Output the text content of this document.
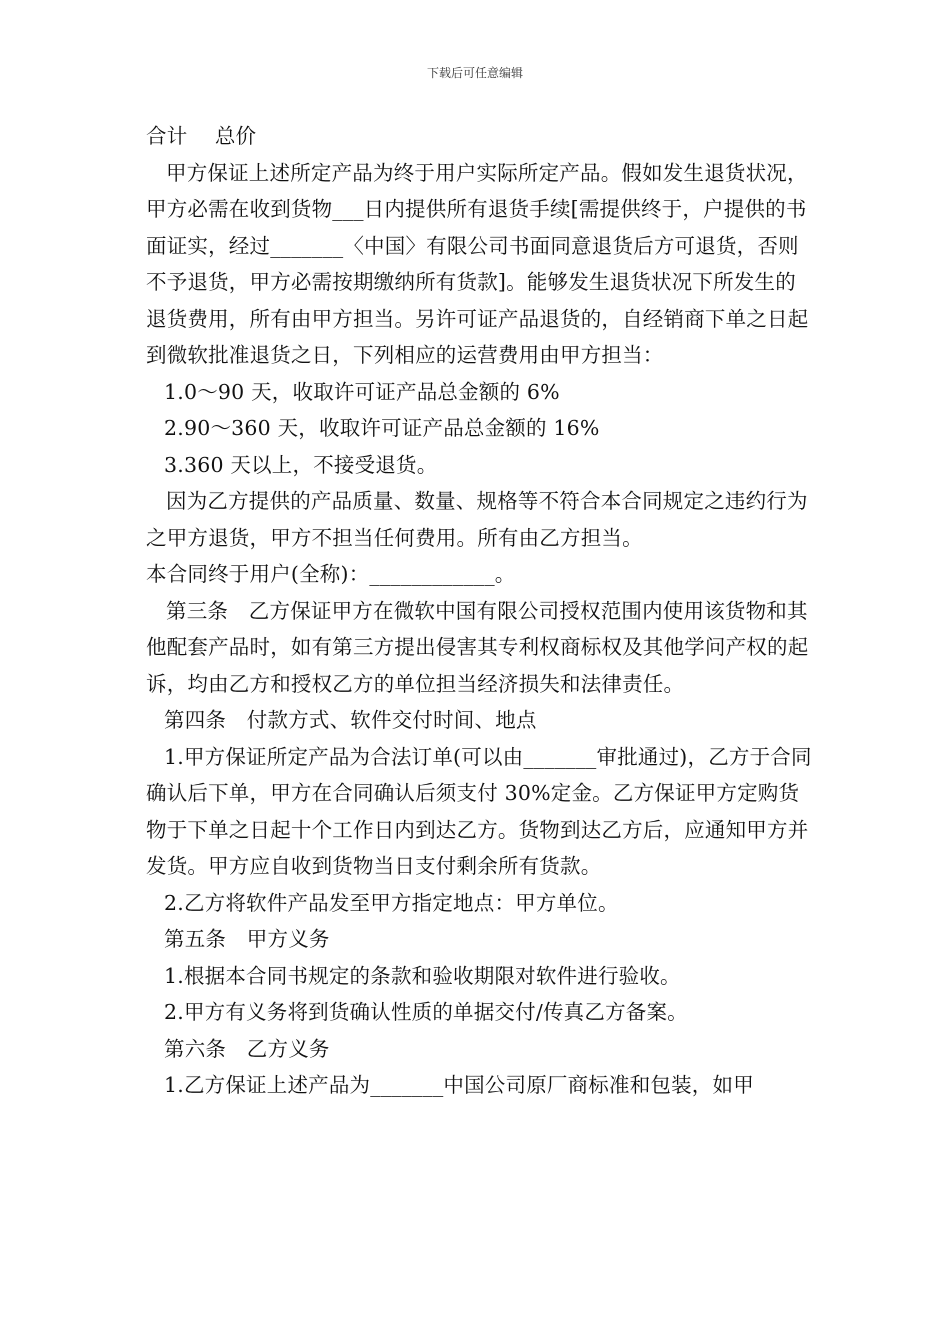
下载后可任意编辑

合计　 总价

甲方保证上述所定产品为终于用户实际所定产品。假如发生退货状况，甲方必需在收到货物___日内提供所有退货手续[需提供终于，户提供的书面证实，经过_______〈中国〉有限公司书面同意退货后方可退货，否则不予退货，甲方必需按期缴纳所有货款]。能够发生退货状况下所发生的退货费用，所有由甲方担当。另许可证产品退货的，自经销商下单之日起到微软批准退货之日，下列相应的运营费用由甲方担当：

1.0～90 天，收取许可证产品总金额的 6%

2.90～360 天，收取许可证产品总金额的 16%

3.360 天以上，不接受退货。

因为乙方提供的产品质量、数量、规格等不符合本合同规定之违约行为之甲方退货，甲方不担当任何费用。所有由乙方担当。

本合同终于用户(全称)：____________。

第三条　乙方保证甲方在微软中国有限公司授权范围内使用该货物和其他配套产品时，如有第三方提出侵害其专利权商标权及其他学问产权的起诉，均由乙方和授权乙方的单位担当经济损失和法律责任。

第四条　付款方式、软件交付时间、地点

1.甲方保证所定产品为合法订单(可以由_______审批通过)，乙方于合同确认后下单，甲方在合同确认后须支付 30%定金。乙方保证甲方定购货物于下单之日起十个工作日内到达乙方。货物到达乙方后，应通知甲方并发货。甲方应自收到货物当日支付剩余所有货款。

2.乙方将软件产品发至甲方指定地点：甲方单位。

第五条　甲方义务

1.根据本合同书规定的条款和验收期限对软件进行验收。

2.甲方有义务将到货确认性质的单据交付/传真乙方备案。

第六条　乙方义务

1.乙方保证上述产品为_______中国公司原厂商标准和包装，如甲
